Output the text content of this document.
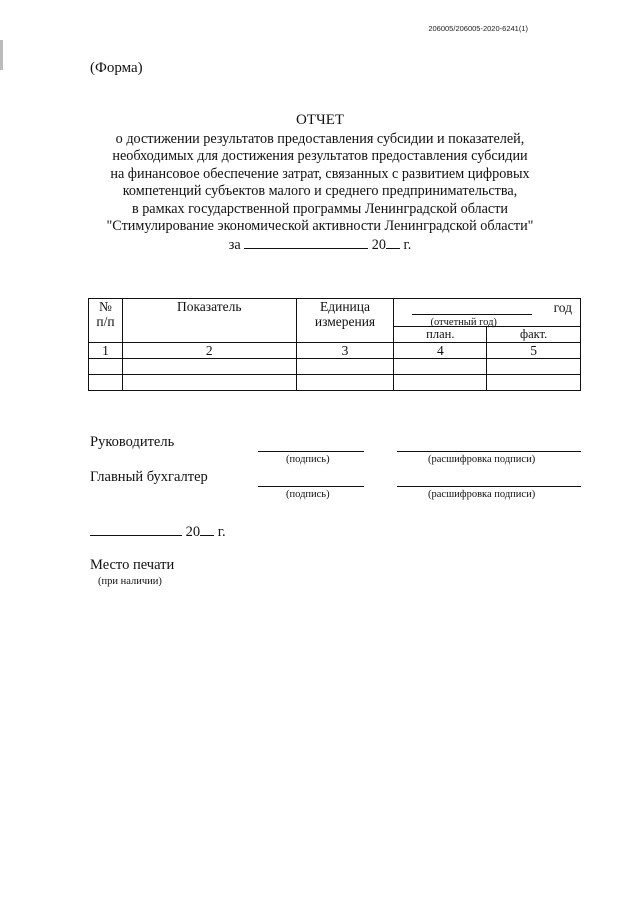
206005/206005-2020-6241(1)
(Форма)
ОТЧЕТ
о достижении результатов предоставления субсидии и показателей,
необходимых для достижения результатов предоставления субсидии
на финансовое обеспечение затрат, связанных с развитием цифровых
компетенций субъектов малого и среднего предпринимательства,
в рамках государственной программы Ленинградской области
"Стимулирование экономической активности Ленинградской области"
за	20 г.
№ п/п	Показатель	Единица измерения	год
(отчетный год)	

			план.	факт.
1	2	3	4	5

Руководитель
(подпись)	(расшифровка подписи)
Главный бухгалтер
(подпись)	(расшифровка подписи)
20 г.
Место печати
(при наличии)
